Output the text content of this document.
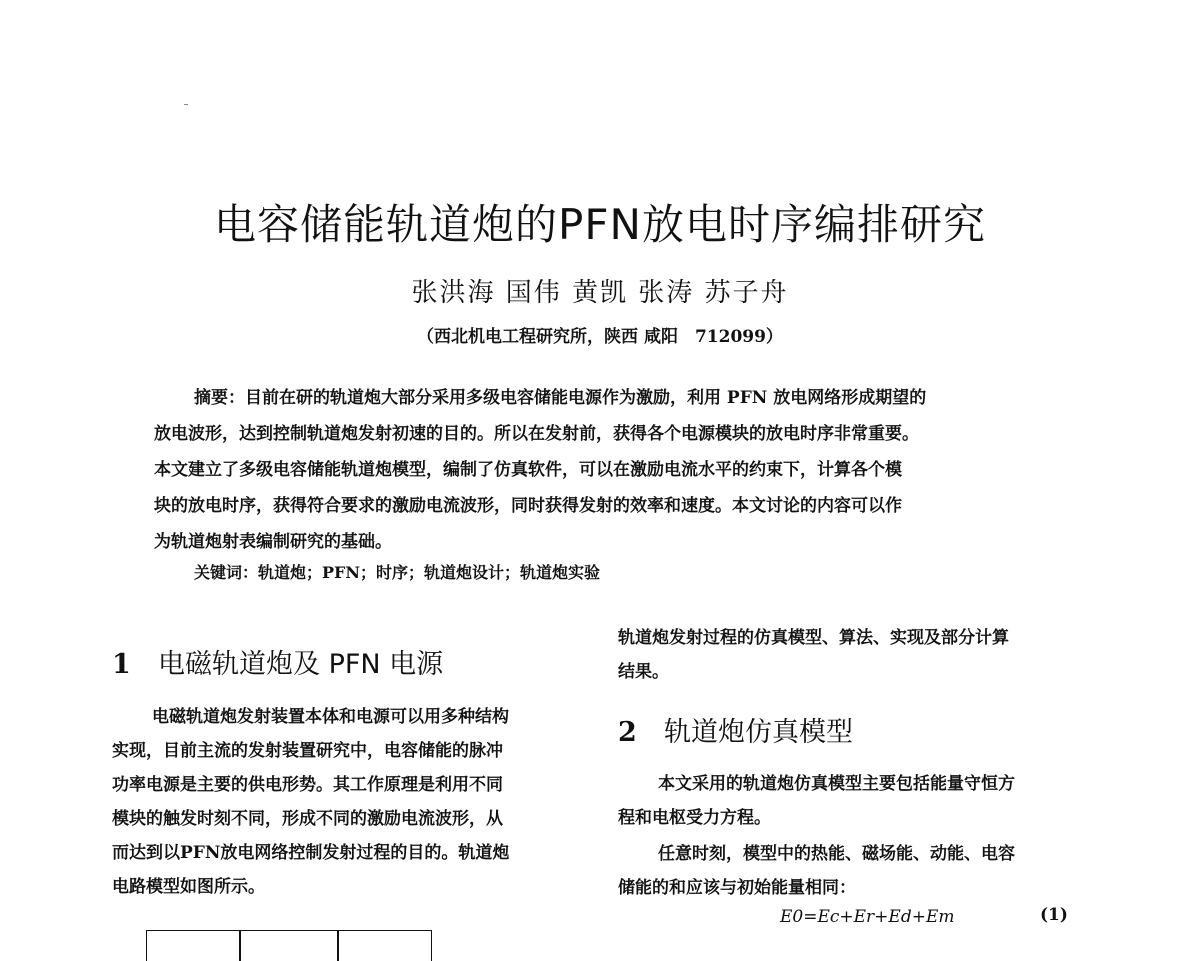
电容储能轨道炮的PFN放电时序编排研究
张洪海 国伟 黄凯 张涛 苏子舟
（西北机电工程研究所，陕西 咸阳　712099）
摘要：目前在研的轨道炮大部分采用多级电容储能电源作为激励，利用 PFN 放电网络形成期望的
放电波形，达到控制轨道炮发射初速的目的。所以在发射前，获得各个电源模块的放电时序非常重要。
本文建立了多级电容储能轨道炮模型，编制了仿真软件，可以在激励电流水平的约束下，计算各个模
块的放电时序，获得符合要求的激励电流波形，同时获得发射的效率和速度。本文讨论的内容可以作
为轨道炮射表编制研究的基础。
关键词：轨道炮；PFN；时序；轨道炮设计；轨道炮实验
1 电磁轨道炮及 PFN 电源
电磁轨道炮发射装置本体和电源可以用多种结构
实现，目前主流的发射装置研究中，电容储能的脉冲
功率电源是主要的供电形势。其工作原理是利用不同
模块的触发时刻不同，形成不同的激励电流波形，从
而达到以PFN放电网络控制发射过程的目的。轨道炮
电路模型如图所示。
轨道炮发射过程的仿真模型、算法、实现及部分计算
结果。
2 轨道炮仿真模型
本文采用的轨道炮仿真模型主要包括能量守恒方
程和电枢受力方程。
任意时刻，模型中的热能、磁场能、动能、电容
储能的和应该与初始能量相同：
E0=Ec+Er+Ed+Em	(1)
